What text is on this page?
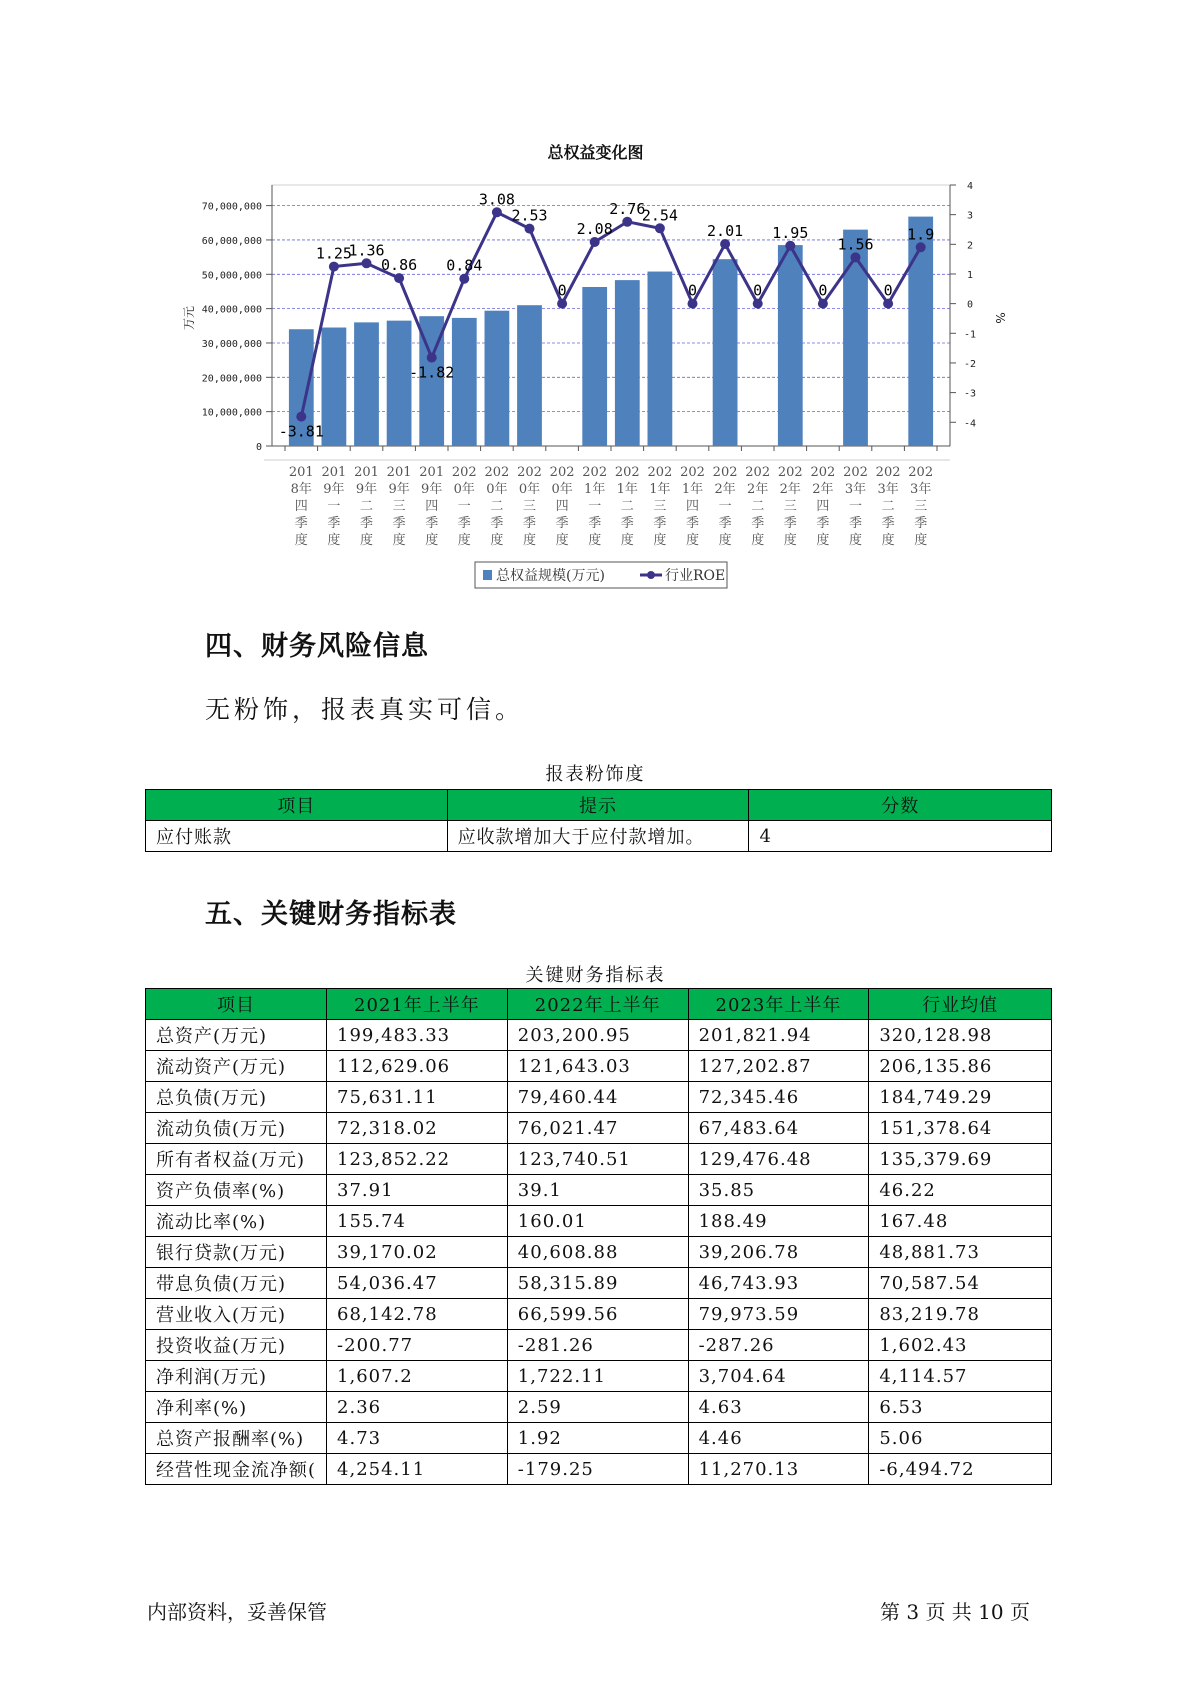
总权益变化图
0
10,000,000
20,000,000
30,000,000
40,000,000
50,000,000
60,000,000
70,000,000
4
3
2
1
0
-1
-2
-3
-4
万元	%
201
8年
四
季
度
201
9年
一
季
度
201
9年
二
季
度
201
9年
三
季
度
201
9年
四
季
度
202
0年
一
季
度
202
0年
二
季
度
202
0年
三
季
度
202
0年
四
季
度
202
1年
一
季
度
202
1年
二
季
度
202
1年
三
季
度
202
1年
四
季
度
202
2年
一
季
度
202
2年
二
季
度
202
2年
三
季
度
202
2年
四
季
度
202
3年
一
季
度
202
3年
二
季
度
202
3年
三
季
度
-3.81
1.25
1.36
0.86
-1.82
0.84
3.08
2.53
0
2.08
2.76
2.54
0
2.01
0
1.95
0
1.56
0
1.9
总权益规模(万元)	行业ROE
四、财务风险信息
无粉饰，报表真实可信。
报表粉饰度
项目	提示	分数
应付账款	应收款增加大于应付款增加。	4
五、关键财务指标表
关键财务指标表
项目	2021年上半年	2022年上半年	2023年上半年	行业均值
总资产(万元)	199,483.33	203,200.95	201,821.94	320,128.98
流动资产(万元)	112,629.06	121,643.03	127,202.87	206,135.86
总负债(万元)	75,631.11	79,460.44	72,345.46	184,749.29
流动负债(万元)	72,318.02	76,021.47	67,483.64	151,378.64
所有者权益(万元)	123,852.22	123,740.51	129,476.48	135,379.69
资产负债率(%)	37.91	39.1	35.85	46.22
流动比率(%)	155.74	160.01	188.49	167.48
银行贷款(万元)	39,170.02	40,608.88	39,206.78	48,881.73
带息负债(万元)	54,036.47	58,315.89	46,743.93	70,587.54
营业收入(万元)	68,142.78	66,599.56	79,973.59	83,219.78
投资收益(万元)	-200.77	-281.26	-287.26	1,602.43
净利润(万元)	1,607.2	1,722.11	3,704.64	4,114.57
净利率(%)	2.36	2.59	4.63	6.53
总资产报酬率(%)	4.73	1.92	4.46	5.06
经营性现金流净额(	4,254.11	-179.25	11,270.13	-6,494.72
内部资料，妥善保管	第 3 页 共 10 页
